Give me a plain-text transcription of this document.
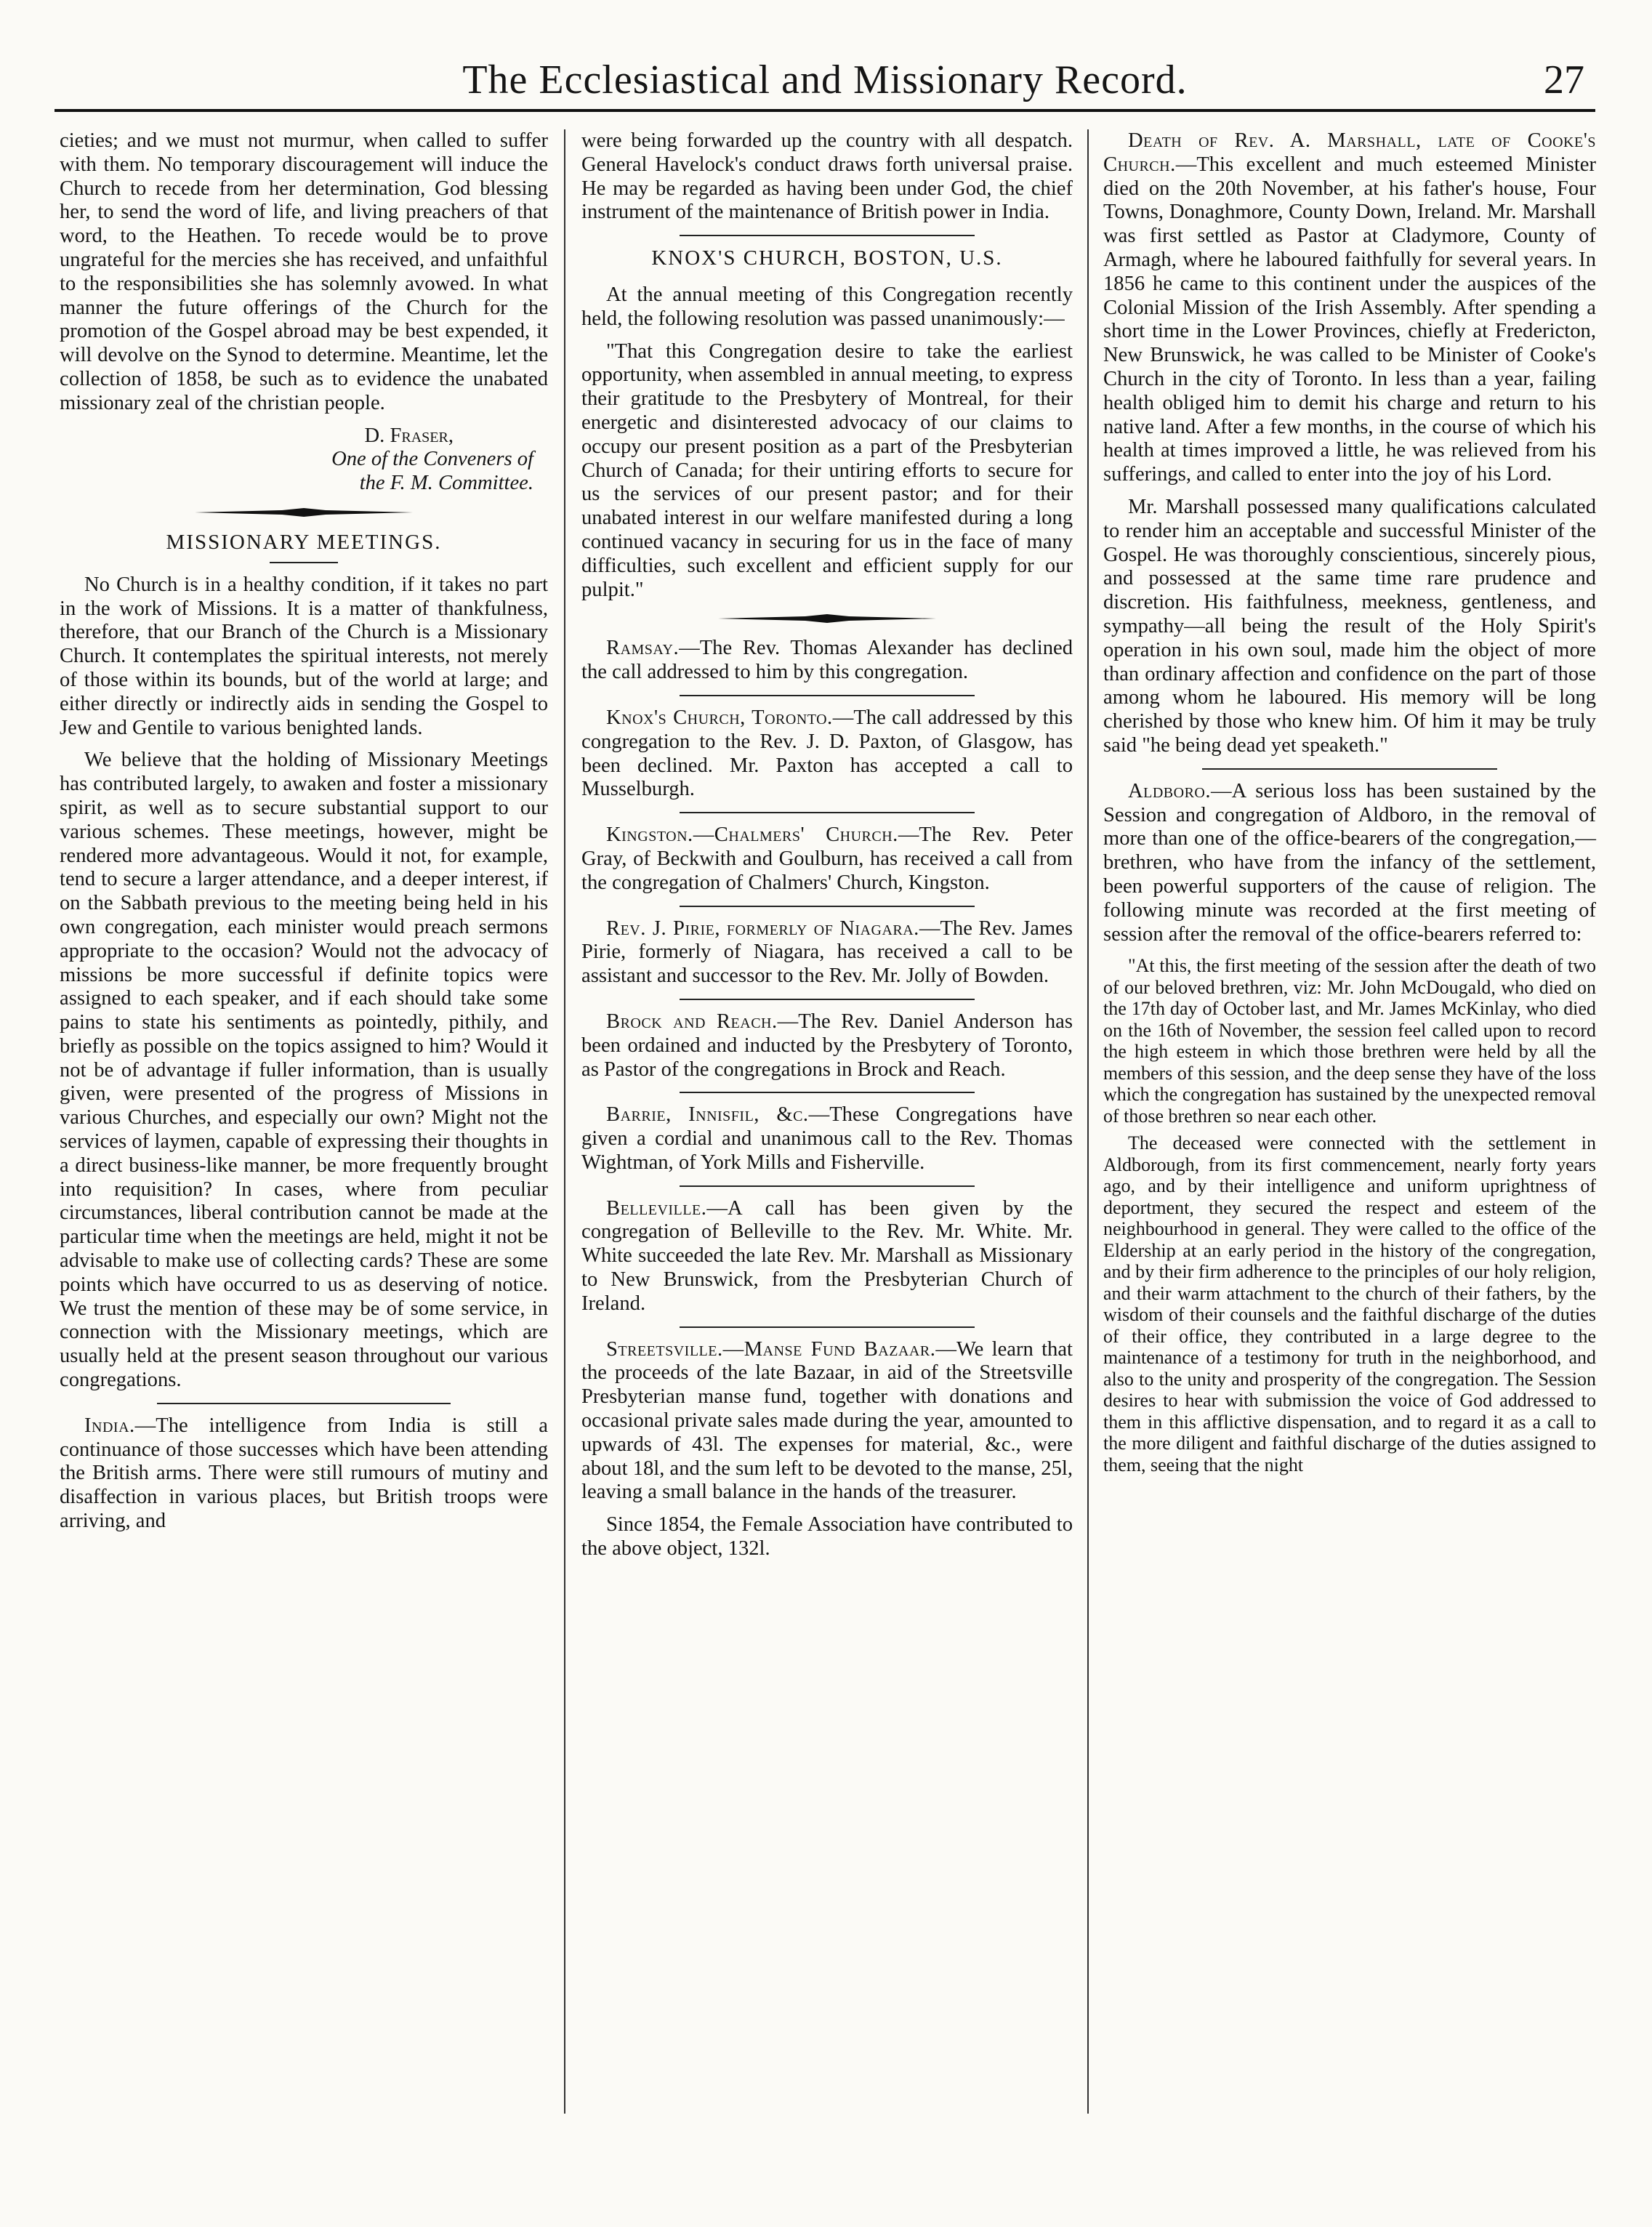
The Ecclesiastical and Missionary Record.	27

cieties; and we must not murmur, when called to suffer with them. No temporary discouragement will induce the Church to recede from her determination, God blessing her, to send the word of life, and living preachers of that word, to the Heathen. To recede would be to prove ungrateful for the mercies she has received, and unfaithful to the responsibilities she has solemnly avowed. In what manner the future offerings of the Church for the promotion of the Gospel abroad may be best expended, it will devolve on the Synod to determine. Meantime, let the collection of 1858, be such as to evidence the unabated missionary zeal of the christian people.

D. Fraser,
One of the Conveners of
the F. M. Committee.
MISSIONARY MEETINGS.

No Church is in a healthy condition, if it takes no part in the work of Missions. It is a matter of thankfulness, therefore, that our Branch of the Church is a Missionary Church. It contemplates the spiritual interests, not merely of those within its bounds, but of the world at large; and either directly or indirectly aids in sending the Gospel to Jew and Gentile to various benighted lands.

We believe that the holding of Missionary Meetings has contributed largely, to awaken and foster a missionary spirit, as well as to secure substantial support to our various schemes. These meetings, however, might be rendered more advantageous. Would it not, for example, tend to secure a larger attendance, and a deeper interest, if on the Sabbath previous to the meeting being held in his own congregation, each minister would preach sermons appropriate to the occasion? Would not the advocacy of missions be more successful if definite topics were assigned to each speaker, and if each should take some pains to state his sentiments as pointedly, pithily, and briefly as possible on the topics assigned to him? Would it not be of advantage if fuller information, than is usually given, were presented of the progress of Missions in various Churches, and especially our own? Might not the services of laymen, capable of expressing their thoughts in a direct business-like manner, be more frequently brought into requisition? In cases, where from peculiar circumstances, liberal contribution cannot be made at the particular time when the meetings are held, might it not be advisable to make use of collecting cards? These are some points which have occurred to us as deserving of notice. We trust the mention of these may be of some service, in connection with the Missionary meetings, which are usually held at the present season throughout our various congregations.

India.—The intelligence from India is still a continuance of those successes which have been attending the British arms. There were still rumours of mutiny and disaffection in various places, but British troops were arriving, and

were being forwarded up the country with all despatch. General Havelock's conduct draws forth universal praise. He may be regarded as having been under God, the chief instrument of the maintenance of British power in India.

KNOX'S CHURCH, BOSTON, U.S.

At the annual meeting of this Congregation recently held, the following resolution was passed unanimously:—

"That this Congregation desire to take the earliest opportunity, when assembled in annual meeting, to express their gratitude to the Presbytery of Montreal, for their energetic and disinterested advocacy of our claims to occupy our present position as a part of the Presbyterian Church of Canada; for their untiring efforts to secure for us the services of our present pastor; and for their unabated interest in our welfare manifested during a long continued vacancy in securing for us in the face of many difficulties, such excellent and efficient supply for our pulpit."

Ramsay.—The Rev. Thomas Alexander has declined the call addressed to him by this congregation.

Knox's Church, Toronto.—The call addressed by this congregation to the Rev. J. D. Paxton, of Glasgow, has been declined. Mr. Paxton has accepted a call to Musselburgh.

Kingston.—Chalmers' Church.—The Rev. Peter Gray, of Beckwith and Goulburn, has received a call from the congregation of Chalmers' Church, Kingston.

Rev. J. Pirie, formerly of Niagara.—The Rev. James Pirie, formerly of Niagara, has received a call to be assistant and successor to the Rev. Mr. Jolly of Bowden.

Brock and Reach.—The Rev. Daniel Anderson has been ordained and inducted by the Presbytery of Toronto, as Pastor of the congregations in Brock and Reach.

Barrie, Innisfil, &c.—These Congregations have given a cordial and unanimous call to the Rev. Thomas Wightman, of York Mills and Fisherville.

Belleville.—A call has been given by the congregation of Belleville to the Rev. Mr. White. Mr. White succeeded the late Rev. Mr. Marshall as Missionary to New Brunswick, from the Presbyterian Church of Ireland.

Streetsville.—Manse Fund Bazaar.—We learn that the proceeds of the late Bazaar, in aid of the Streetsville Presbyterian manse fund, together with donations and occasional private sales made during the year, amounted to upwards of 43l. The expenses for material, &c., were about 18l, and the sum left to be devoted to the manse, 25l, leaving a small balance in the hands of the treasurer.

Since 1854, the Female Association have contributed to the above object, 132l.

Death of Rev. A. Marshall, late of Cooke's Church.—This excellent and much esteemed Minister died on the 20th November, at his father's house, Four Towns, Donaghmore, County Down, Ireland. Mr. Marshall was first settled as Pastor at Cladymore, County of Armagh, where he laboured faithfully for several years. In 1856 he came to this continent under the auspices of the Colonial Mission of the Irish Assembly. After spending a short time in the Lower Provinces, chiefly at Fredericton, New Brunswick, he was called to be Minister of Cooke's Church in the city of Toronto. In less than a year, failing health obliged him to demit his charge and return to his native land. After a few months, in the course of which his health at times improved a little, he was relieved from his sufferings, and called to enter into the joy of his Lord.

Mr. Marshall possessed many qualifications calculated to render him an acceptable and successful Minister of the Gospel. He was thoroughly conscientious, sincerely pious, and possessed at the same time rare prudence and discretion. His faithfulness, meekness, gentleness, and sympathy—all being the result of the Holy Spirit's operation in his own soul, made him the object of more than ordinary affection and confidence on the part of those among whom he laboured. His memory will be long cherished by those who knew him. Of him it may be truly said "he being dead yet speaketh."

Aldboro.—A serious loss has been sustained by the Session and congregation of Aldboro, in the removal of more than one of the office-bearers of the congregation,—brethren, who have from the infancy of the settlement, been powerful supporters of the cause of religion. The following minute was recorded at the first meeting of session after the removal of the office-bearers referred to:

"At this, the first meeting of the session after the death of two of our beloved brethren, viz: Mr. John McDougald, who died on the 17th day of October last, and Mr. James McKinlay, who died on the 16th of November, the session feel called upon to record the high esteem in which those brethren were held by all the members of this session, and the deep sense they have of the loss which the congregation has sustained by the unexpected removal of those brethren so near each other.

The deceased were connected with the settlement in Aldborough, from its first commencement, nearly forty years ago, and by their intelligence and uniform uprightness of deportment, they secured the respect and esteem of the neighbourhood in general. They were called to the office of the Eldership at an early period in the history of the congregation, and by their firm adherence to the principles of our holy religion, and their warm attachment to the church of their fathers, by the wisdom of their counsels and the faithful discharge of the duties of their office, they contributed in a large degree to the maintenance of a testimony for truth in the neighborhood, and also to the unity and prosperity of the congregation. The Session desires to hear with submission the voice of God addressed to them in this afflictive dispensation, and to regard it as a call to the more diligent and faithful discharge of the duties assigned to them, seeing that the night
